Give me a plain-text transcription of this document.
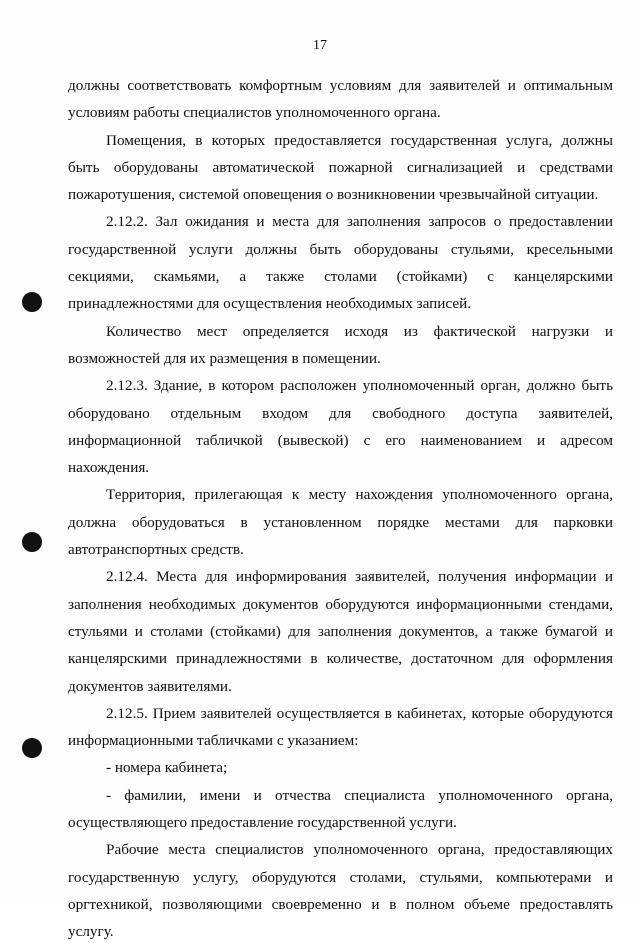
17

должны соответствовать комфортным условиям для заявителей и оптимальным условиям работы специалистов уполномоченного органа.

Помещения, в которых предоставляется государственная услуга, должны быть оборудованы автоматической пожарной сигнализацией и средствами пожаротушения, системой оповещения о возникновении чрезвычайной ситуации.

2.12.2. Зал ожидания и места для заполнения запросов о предоставлении государственной услуги должны быть оборудованы стульями, кресельными секциями, скамьями, а также столами (стойками) с канцелярскими принадлежностями для осуществления необходимых записей.

Количество мест определяется исходя из фактической нагрузки и возможностей для их размещения в помещении.

2.12.3. Здание, в котором расположен уполномоченный орган, должно быть оборудовано отдельным входом для свободного доступа заявителей, информационной табличкой (вывеской) с его наименованием и адресом нахождения.

Территория, прилегающая к месту нахождения уполномоченного органа, должна оборудоваться в установленном порядке местами для парковки автотранспортных средств.

2.12.4. Места для информирования заявителей, получения информации и заполнения необходимых документов оборудуются информационными стендами, стульями и столами (стойками) для заполнения документов, а также бумагой и канцелярскими принадлежностями в количестве, достаточном для оформления документов заявителями.

2.12.5. Прием заявителей осуществляется в кабинетах, которые оборудуются информационными табличками с указанием:

- номера кабинета;

- фамилии, имени и отчества специалиста уполномоченного органа, осуществляющего предоставление государственной услуги.

Рабочие места специалистов уполномоченного органа, предоставляющих государственную услугу, оборудуются столами, стульями, компьютерами и оргтехникой, позволяющими своевременно и в полном объеме предоставлять услугу.
